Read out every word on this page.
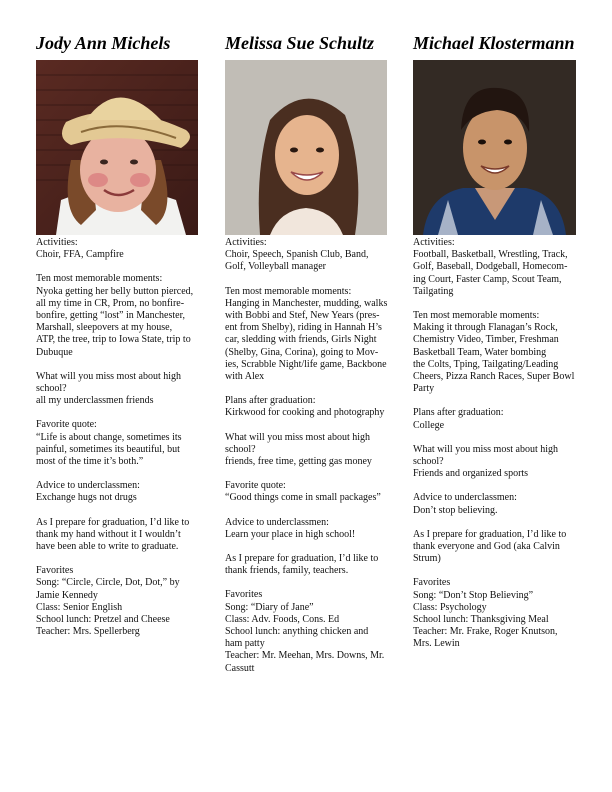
Jody Ann Michels
Activities:
Choir, FFA, Campfire
Ten most memorable moments:
Nyoka getting her belly button pierced,
all my time in CR, Prom, no bonfire-
bonfire, getting “lost” in Manchester,
Marshall, sleepovers at my house,
ATP, the tree, trip to Iowa State, trip to
Dubuque
What will you miss most about high
school?
all my underclassmen friends
Favorite quote:
“Life is about change, sometimes its
painful, sometimes its beautiful, but
most of the time it’s both.”
Advice to underclassmen:
Exchange hugs not drugs
As I prepare for graduation, I’d like to
thank my hand without it I wouldn’t
have been able to write to graduate.
Favorites
Song: “Circle, Circle, Dot, Dot,” by
Jamie Kennedy
Class: Senior English
School lunch: Pretzel and Cheese
Teacher: Mrs. Spellerberg
Melissa Sue Schultz
Activities:
Choir, Speech, Spanish Club, Band,
Golf, Volleyball manager
Ten most memorable moments:
Hanging in Manchester, mudding, walks
with Bobbi and Stef, New Years (pres-
ent from Shelby), riding in Hannah H’s
car, sledding with friends, Girls Night
(Shelby, Gina, Corina), going to Mov-
ies, Scrabble Night/life game, Backbone
with Alex
Plans after graduation:
Kirkwood for cooking and photography
What will you miss most about high
school?
friends, free time, getting gas money
Favorite quote:
“Good things come in small packages”
Advice to underclassmen:
Learn your place in high school!
As I prepare for graduation, I’d like to
thank friends, family, teachers.
Favorites
Song: “Diary of Jane”
Class: Adv. Foods, Cons. Ed
School lunch: anything chicken and
ham patty
Teacher: Mr. Meehan, Mrs. Downs, Mr.
Cassutt
Michael Klostermann
Activities:
Football, Basketball, Wrestling, Track,
Golf, Baseball, Dodgeball, Homecom-
ing Court, Faster Camp, Scout Team,
Tailgating
Ten most memorable moments:
Making it through Flanagan’s Rock,
Chemistry Video, Timber, Freshman
Basketball Team, Water bombing
the Colts, Tping, Tailgating/Leading
Cheers, Pizza Ranch Races, Super Bowl
Party
Plans after graduation:
College
What will you miss most about high
school?
Friends and organized sports
Advice to underclassmen:
Don’t stop believing.
As I prepare for graduation, I’d like to
thank everyone and God (aka Calvin
Strum)
Favorites
Song: “Don’t Stop Believing”
Class: Psychology
School lunch: Thanksgiving Meal
Teacher: Mr. Frake, Roger Knutson,
Mrs. Lewin
